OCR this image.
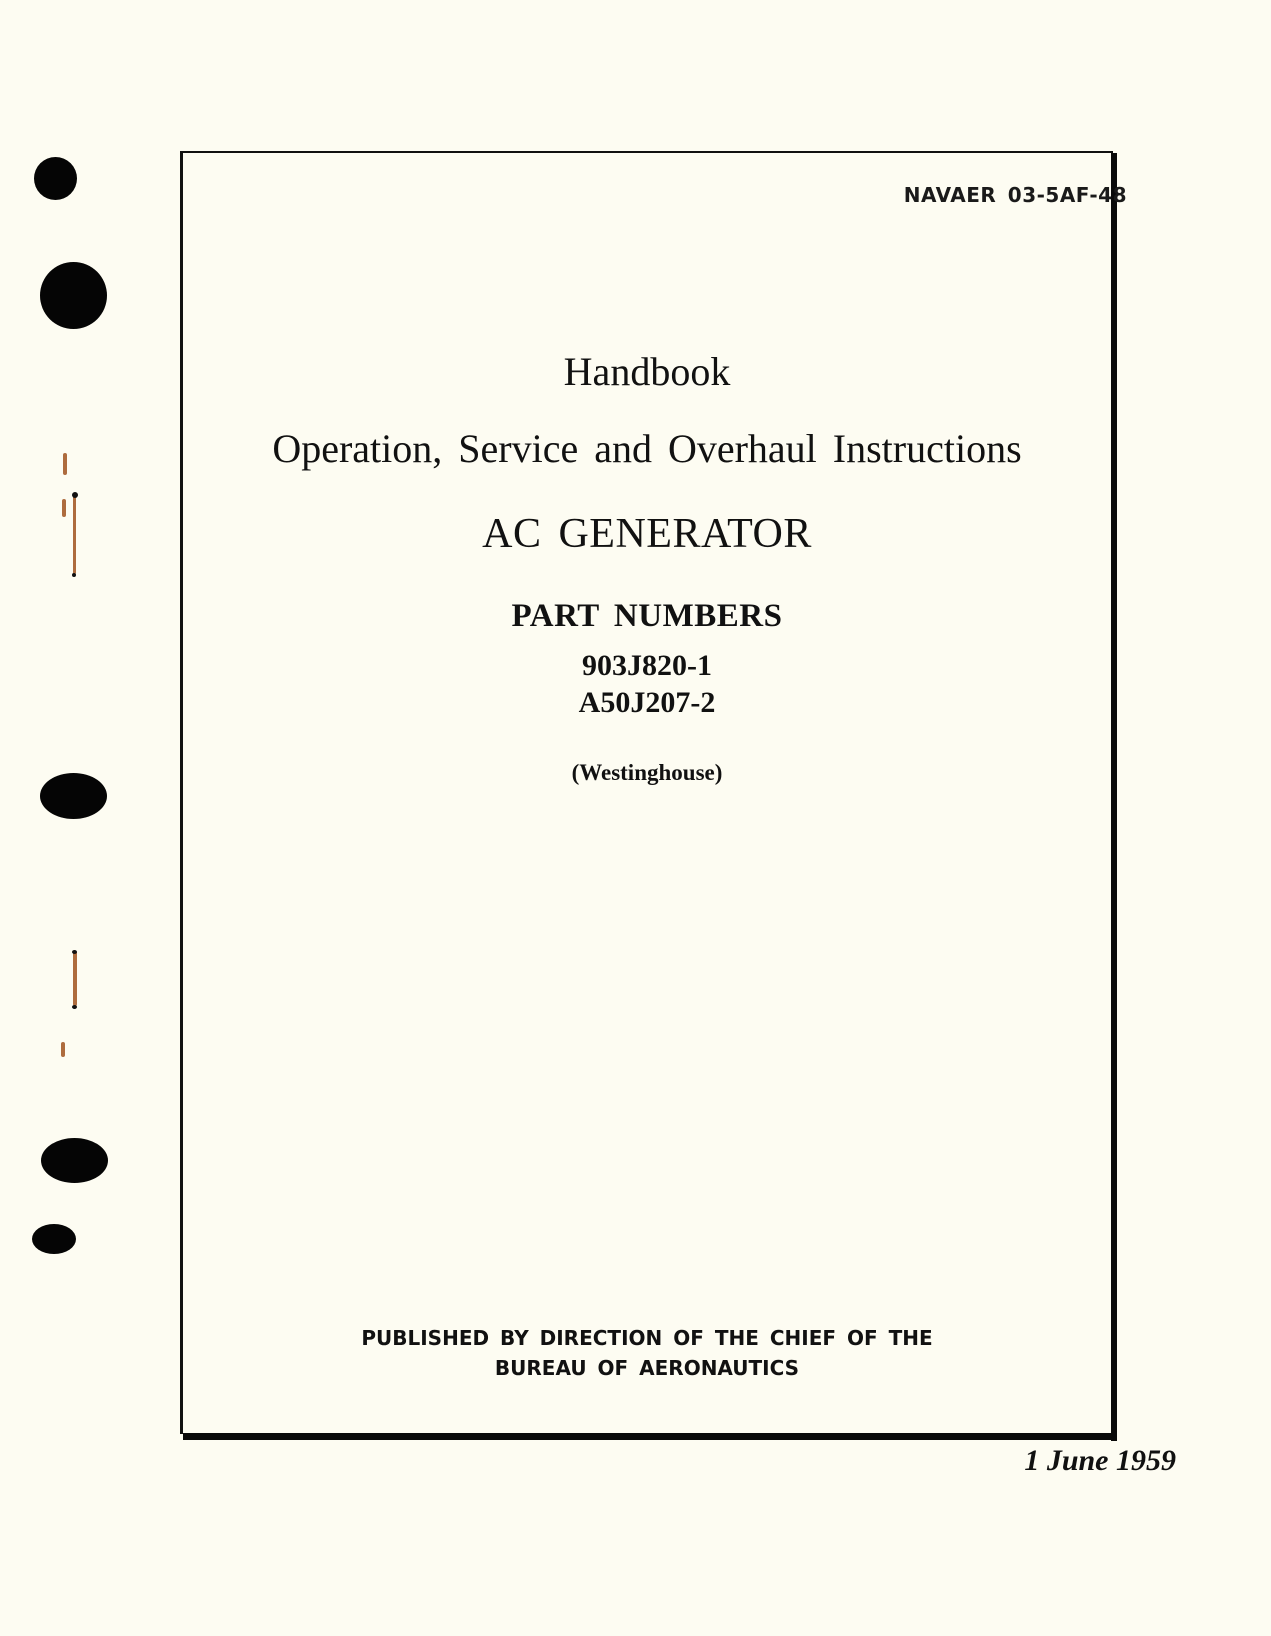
NAVAER 03-5AF-48
Handbook
Operation, Service and Overhaul Instructions
AC GENERATOR
PART NUMBERS
903J820-1
A50J207-2
(Westinghouse)
PUBLISHED BY DIRECTION OF THE CHIEF OF THE
BUREAU OF AERONAUTICS
1 June 1959
